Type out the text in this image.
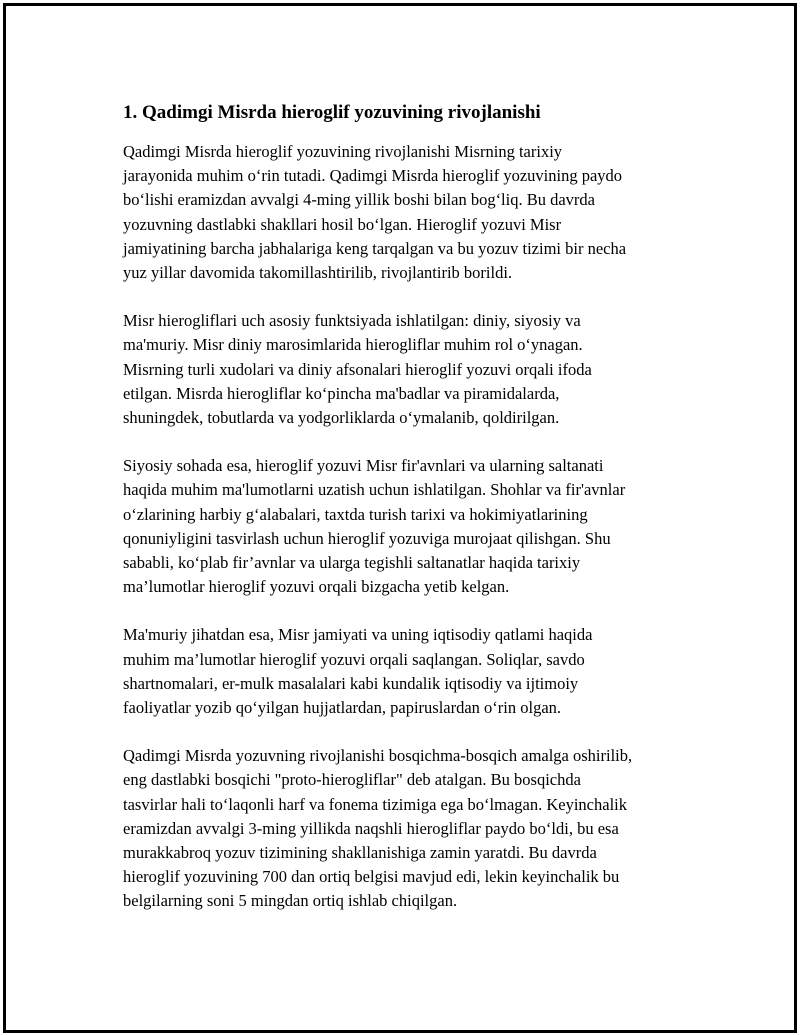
1. Qadimgi Misrda hieroglif yozuvining rivojlanishi

Qadimgi Misrda hieroglif yozuvining rivojlanishi Misrning tarixiy
jarayonida muhim o‘rin tutadi. Qadimgi Misrda hieroglif yozuvining paydo
bo‘lishi eramizdan avvalgi 4-ming yillik boshi bilan bog‘liq. Bu davrda
yozuvning dastlabki shakllari hosil bo‘lgan. Hieroglif yozuvi Misr
jamiyatining barcha jabhalariga keng tarqalgan va bu yozuv tizimi bir necha
yuz yillar davomida takomillashtirilib, rivojlantirib borildi.

Misr hierogliflari uch asosiy funktsiyada ishlatilgan: diniy, siyosiy va
ma'muriy. Misr diniy marosimlarida hierogliflar muhim rol o‘ynagan.
Misrning turli xudolari va diniy afsonalari hieroglif yozuvi orqali ifoda
etilgan. Misrda hierogliflar ko‘pincha ma'badlar va piramidalarda,
shuningdek, tobutlarda va yodgorliklarda o‘ymalanib, qoldirilgan.

Siyosiy sohada esa, hieroglif yozuvi Misr fir'avnlari va ularning saltanati
haqida muhim ma'lumotlarni uzatish uchun ishlatilgan. Shohlar va fir'avnlar
o‘zlarining harbiy g‘alabalari, taxtda turish tarixi va hokimiyatlarining
qonuniyligini tasvirlash uchun hieroglif yozuviga murojaat qilishgan. Shu
sababli, ko‘plab fir’avnlar va ularga tegishli saltanatlar haqida tarixiy
ma’lumotlar hieroglif yozuvi orqali bizgacha yetib kelgan.

Ma'muriy jihatdan esa, Misr jamiyati va uning iqtisodiy qatlami haqida
muhim ma’lumotlar hieroglif yozuvi orqali saqlangan. Soliqlar, savdo
shartnomalari, er-mulk masalalari kabi kundalik iqtisodiy va ijtimoiy
faoliyatlar yozib qo‘yilgan hujjatlardan, papiruslardan o‘rin olgan.

Qadimgi Misrda yozuvning rivojlanishi bosqichma-bosqich amalga oshirilib,
eng dastlabki bosqichi "proto-hierogliflar" deb atalgan. Bu bosqichda
tasvirlar hali to‘laqonli harf va fonema tizimiga ega bo‘lmagan. Keyinchalik
eramizdan avvalgi 3-ming yillikda naqshli hierogliflar paydo bo‘ldi, bu esa
murakkabroq yozuv tizimining shakllanishiga zamin yaratdi. Bu davrda
hieroglif yozuvining 700 dan ortiq belgisi mavjud edi, lekin keyinchalik bu
belgilarning soni 5 mingdan ortiq ishlab chiqilgan.
